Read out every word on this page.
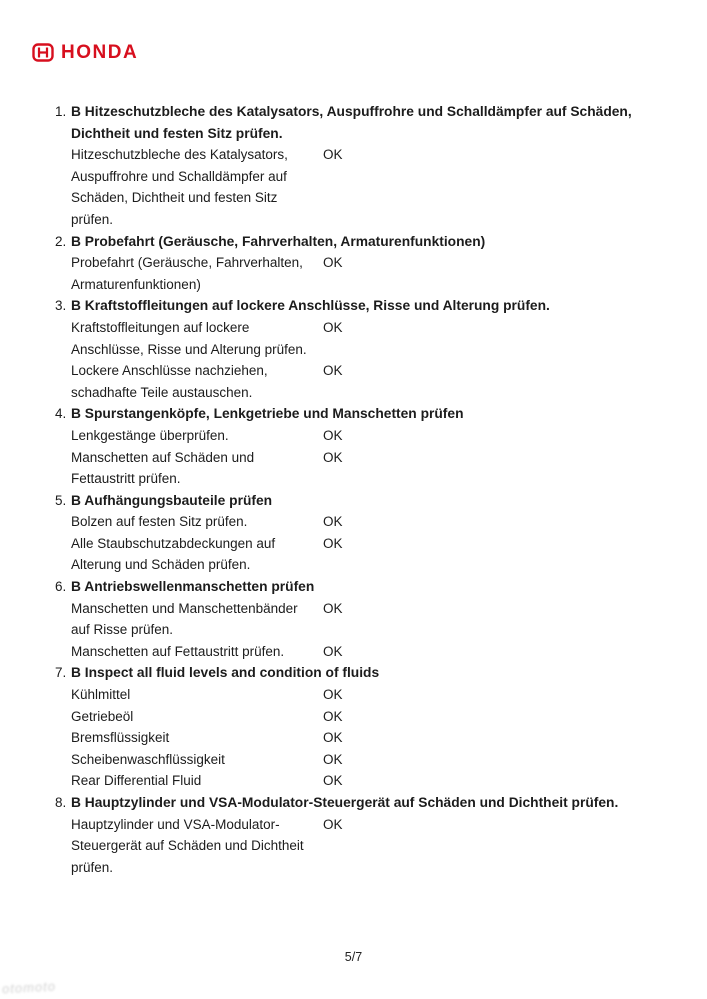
HONDA
1. B Hitzeschutzbleche des Katalysators, Auspuffrohre und Schalldämpfer auf Schäden, Dichtheit und festen Sitz prüfen.
Hitzeschutzbleche des Katalysators,	OK
Auspuffrohre und Schalldämpfer auf
Schäden, Dichtheit und festen Sitz
prüfen.
2. B Probefahrt (Geräusche, Fahrverhalten, Armaturenfunktionen)
Probefahrt (Geräusche, Fahrverhalten,	OK
Armaturenfunktionen)
3. B Kraftstoffleitungen auf lockere Anschlüsse, Risse und Alterung prüfen.
Kraftstoffleitungen auf lockere	OK
Anschlüsse, Risse und Alterung prüfen.
Lockere Anschlüsse nachziehen,	OK
schadhafte Teile austauschen.
4. B Spurstangenköpfe, Lenkgetriebe und Manschetten prüfen
Lenkgestänge überprüfen.	OK
Manschetten auf Schäden und	OK
Fettaustritt prüfen.
5. B Aufhängungsbauteile prüfen
Bolzen auf festen Sitz prüfen.	OK
Alle Staubschutzabdeckungen auf	OK
Alterung und Schäden prüfen.
6. B Antriebswellenmanschetten prüfen
Manschetten und Manschettenbänder	OK
auf Risse prüfen.
Manschetten auf Fettaustritt prüfen.	OK
7. B Inspect all fluid levels and condition of fluids
Kühlmittel	OK
Getriebeöl	OK
Bremsflüssigkeit	OK
Scheibenwaschflüssigkeit	OK
Rear Differential Fluid	OK
8. B Hauptzylinder und VSA-Modulator-Steuergerät auf Schäden und Dichtheit prüfen.
Hauptzylinder und VSA-Modulator-	OK
Steuergerät auf Schäden und Dichtheit
prüfen.
5/7
otomoto
